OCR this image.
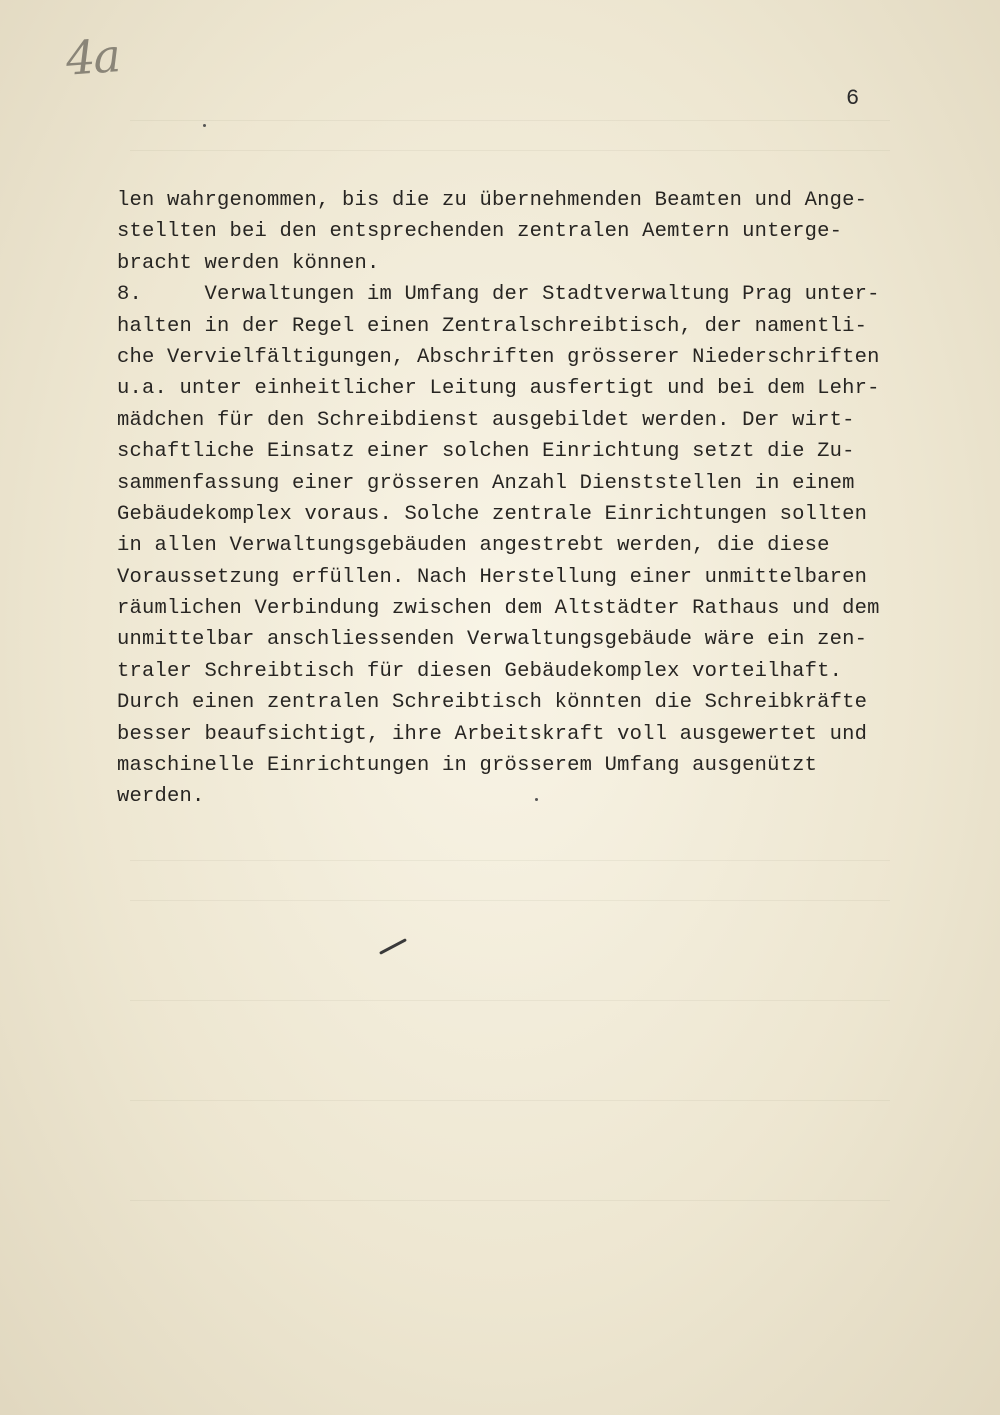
4a
6
len wahrgenommen, bis die zu übernehmenden Beamten und Ange-
stellten bei den entsprechenden zentralen Aemtern unterge-
bracht werden können.
8.     Verwaltungen im Umfang der Stadtverwaltung Prag unter-
halten in der Regel einen Zentralschreibtisch, der namentli-
che Vervielfältigungen, Abschriften grösserer Niederschriften
u.a. unter einheitlicher Leitung ausfertigt und bei dem Lehr-
mädchen für den Schreibdienst ausgebildet werden. Der wirt-
schaftliche Einsatz einer solchen Einrichtung setzt die Zu-
sammenfassung einer grösseren Anzahl Dienststellen in einem
Gebäudekomplex voraus. Solche zentrale Einrichtungen sollten
in allen Verwaltungsgebäuden angestrebt werden, die diese
Voraussetzung erfüllen. Nach Herstellung einer unmittelbaren
räumlichen Verbindung zwischen dem Altstädter Rathaus und dem
unmittelbar anschliessenden Verwaltungsgebäude wäre ein zen-
traler Schreibtisch für diesen Gebäudekomplex vorteilhaft.
Durch einen zentralen Schreibtisch könnten die Schreibkräfte
besser beaufsichtigt, ihre Arbeitskraft voll ausgewertet und
maschinelle Einrichtungen in grösserem Umfang ausgenützt
werden.
